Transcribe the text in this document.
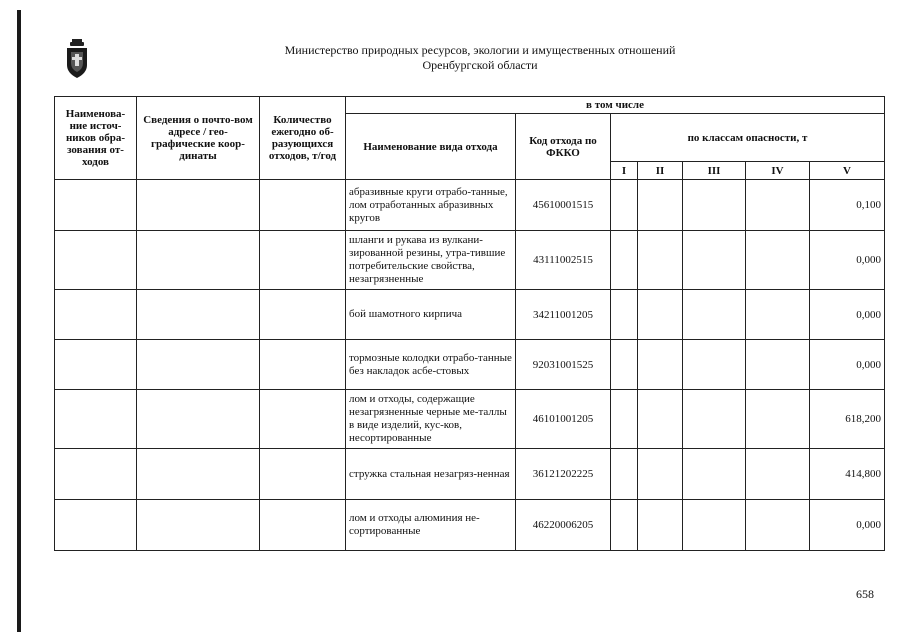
Министерство природных ресурсов, экологии и имущественных отношений
Оренбургской области
Наименова-ние источ-ников обра-зования от-ходов	Сведения о почто-вом адресе / гео-графические коор-динаты	Количество ежегодно об-разующихся отходов, т/год	в том числе						
			Наименование вида отхода	Код отхода по ФККО	по классам опасности, т				
					I	II	III	IV	V
			абразивные круги отрабо-танные, лом отработанных абразивных кругов	45610001515					0,100
			шланги и рукава из вулкани-зированной резины, утра-тившие потребительские свойства, незагрязненные	43111002515					0,000
			бой шамотного кирпича	34211001205					0,000
			тормозные колодки отрабо-танные без накладок асбе-стовых	92031001525					0,000
			лом и отходы, содержащие незагрязненные черные ме-таллы в виде изделий, кус-ков, несортированные	46101001205					618,200
			стружка стальная незагряз-ненная	36121202225					414,800
			лом и отходы алюминия не-сортированные	46220006205					0,000
658
